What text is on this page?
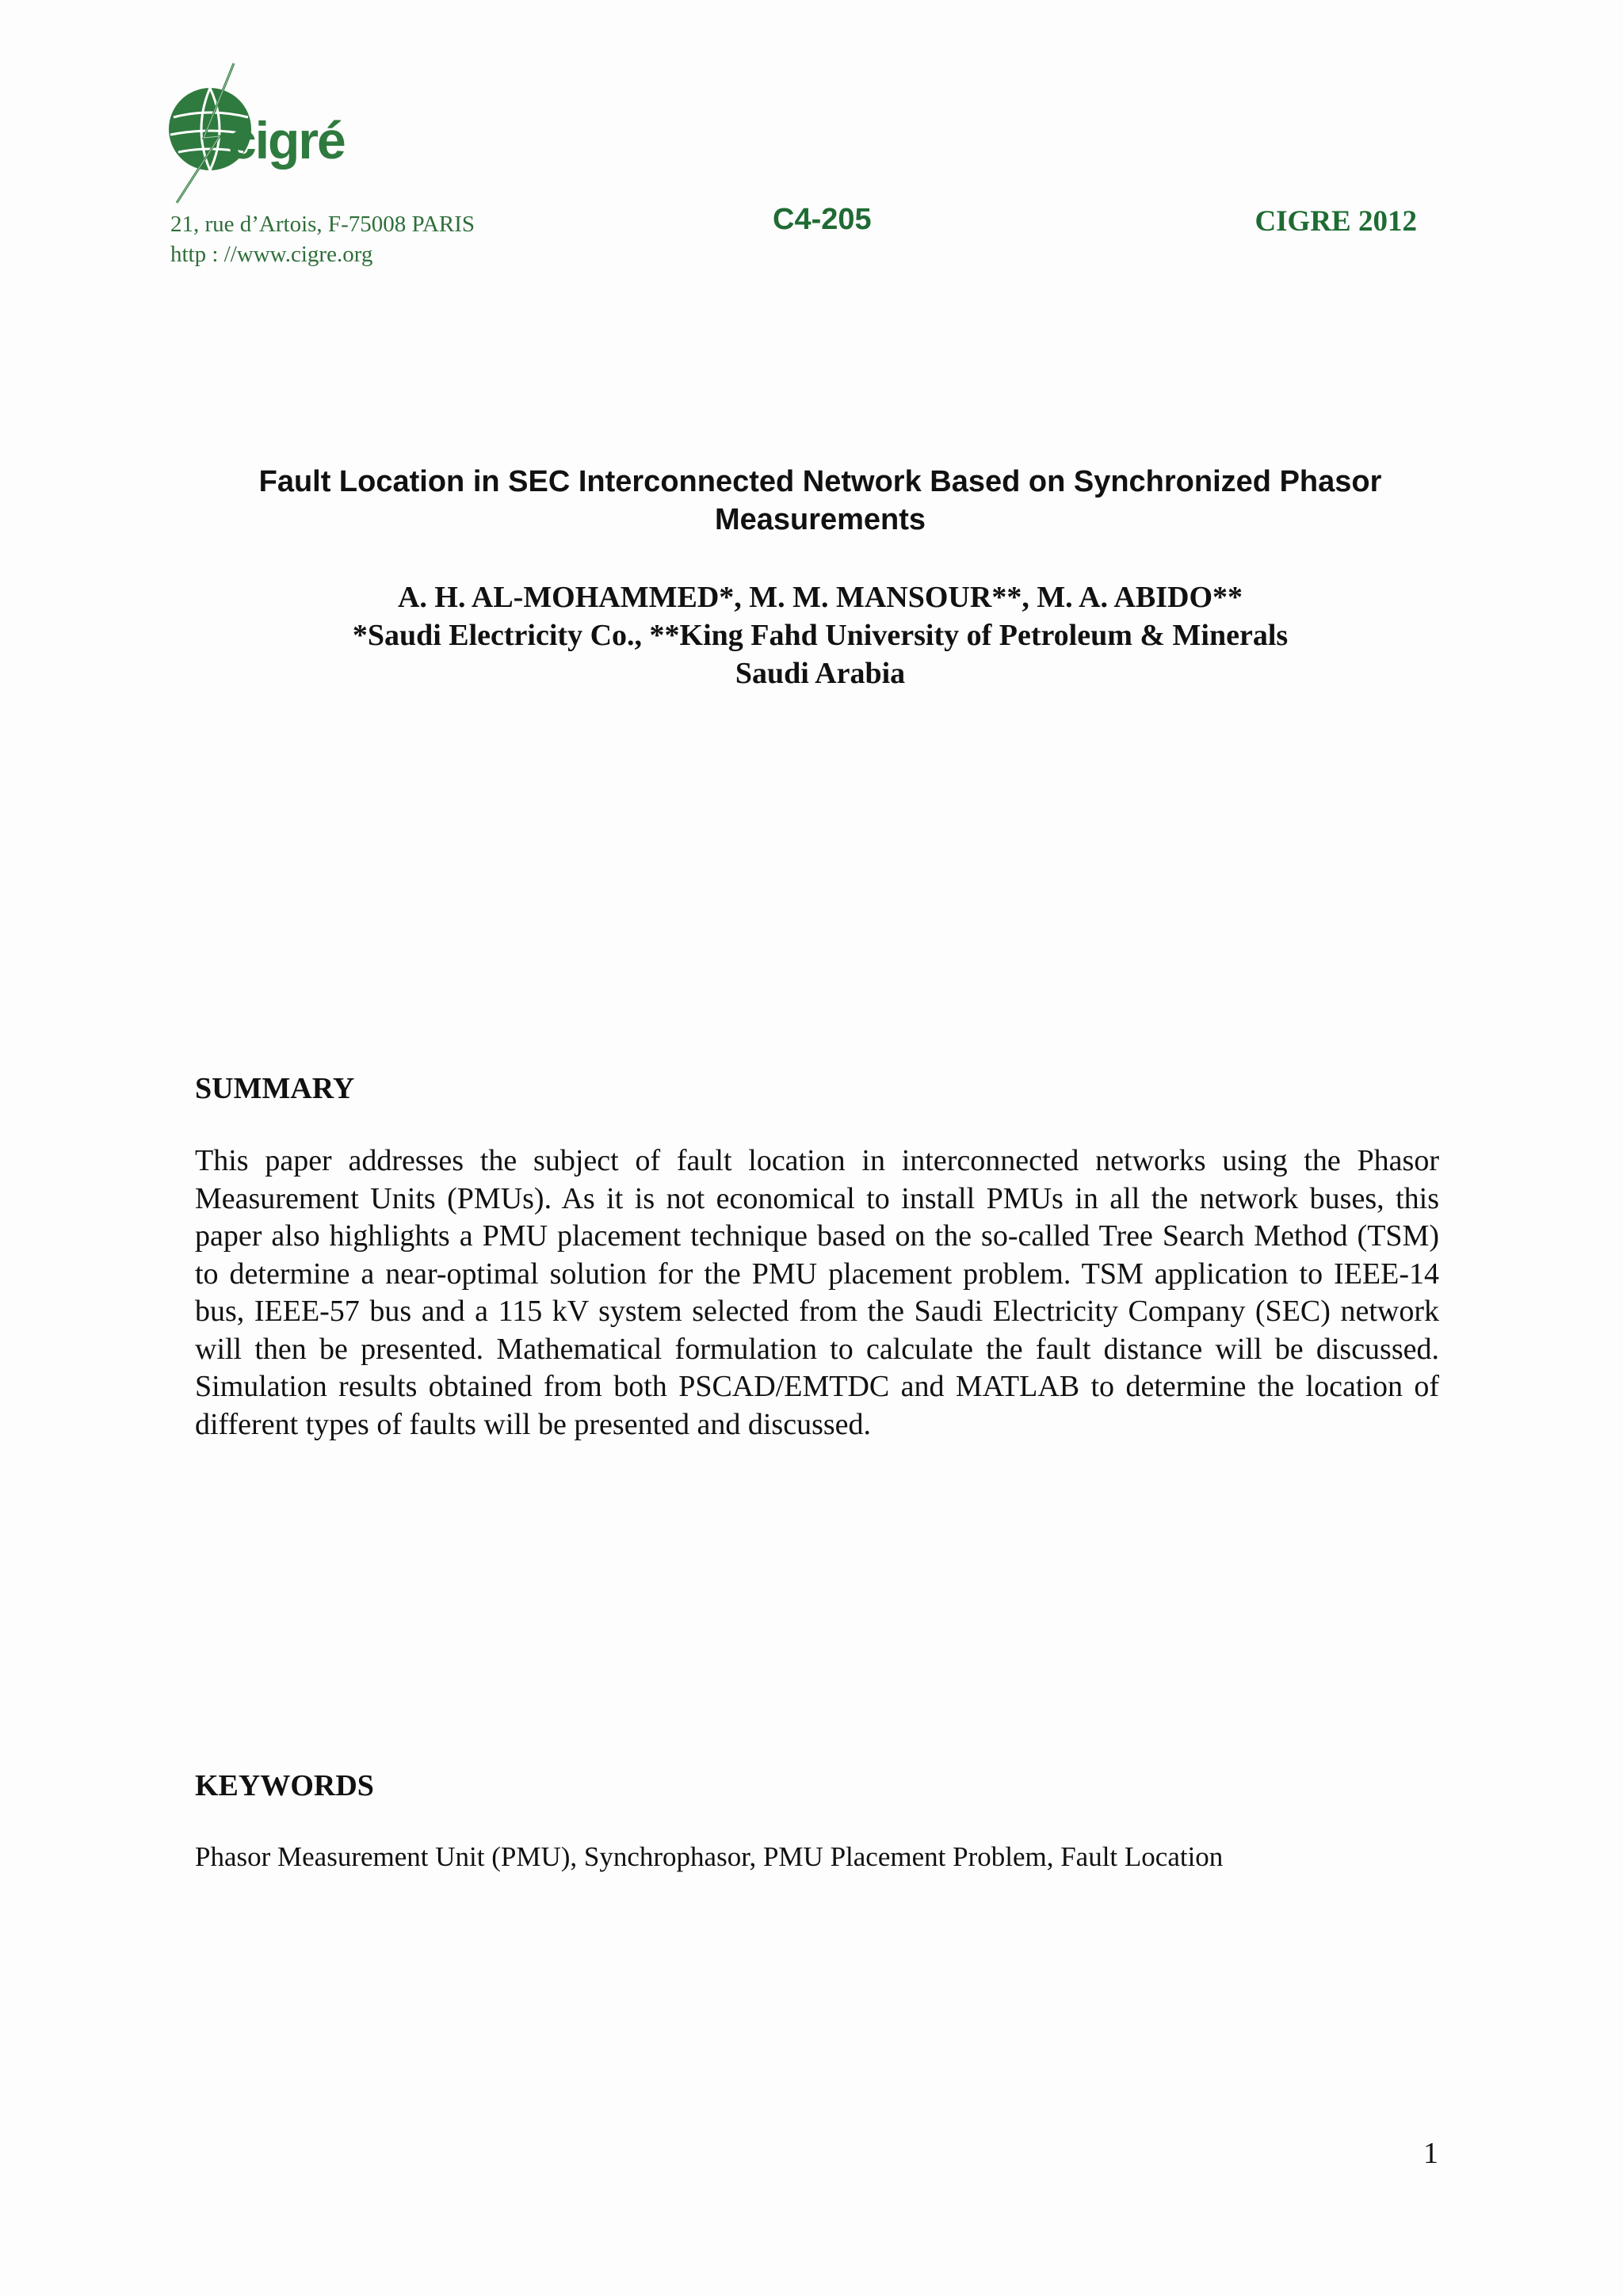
cigré
21, rue d’Artois, F-75008 PARIS
http : //www.cigre.org
C4-205	CIGRE 2012
Fault Location in SEC Interconnected Network Based on Synchronized Phasor Measurements
A. H. AL-MOHAMMED*, M. M. MANSOUR**, M. A. ABIDO**
*Saudi Electricity Co., **King Fahd University of Petroleum & Minerals
Saudi Arabia
SUMMARY
This paper addresses the subject of fault location in interconnected networks using the Phasor Measurement Units (PMUs). As it is not economical to install PMUs in all the network buses, this paper also highlights a PMU placement technique based on the so-called Tree Search Method (TSM) to determine a near-optimal solution for the PMU placement problem. TSM application to IEEE-14 bus, IEEE-57 bus and a 115 kV system selected from the Saudi Electricity Company (SEC) network will then be presented. Mathematical formulation to calculate the fault distance will be discussed. Simulation results obtained from both PSCAD/EMTDC and MATLAB to determine the location of different types of faults will be presented and discussed.
KEYWORDS
Phasor Measurement Unit (PMU), Synchrophasor, PMU Placement Problem, Fault Location
1
